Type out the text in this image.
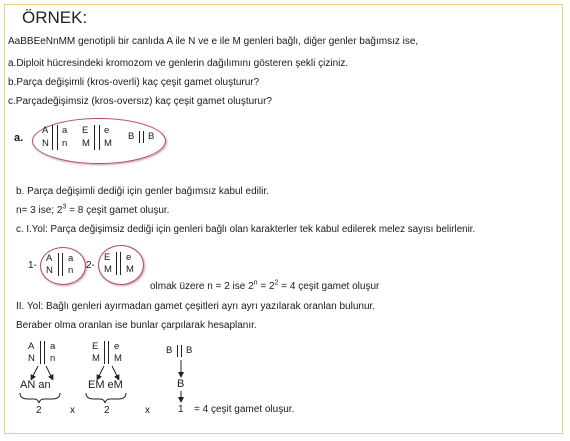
ÖRNEK:
AaBBEeNnMM genotipli bir canlıda A ile N ve e ile M genleri bağlı, diğer genler bağımsız ise,
a.Diploit hücresindeki kromozom ve genlerin dağılımını gösteren şekli çiziniz.
b.Parça değişimli (kros-overli) kaç çeşit gamet oluşturur?
c.Parçadeğişimsiz (kros-oversız) kaç çeşit gamet oluşturur?
a.
A a
N n
E e
M M
B B
b. Parça değişimli dediği için genler bağımsız kabul edilir.
n= 3 ise; $2^3 = 8$ çeşit gamet oluşur.
c. I.Yol: Parça değişimsiz dediği için genleri bağlı olan karakterler tek kabul edilerek melez sayısı belirlenir.
1-
A a
N n 2-
E e
M M
olmak üzere n = 2 ise $2^n = 2^2 = 4$ çeşit gamet oluşur
II. Yol: Bağlı genleri ayırmadan gamet çeşitleri ayrı ayrı yazılarak oranlan bulunur.
Beraber olma oranlan ise bunlar çarpılarak hesaplanır.
A a
N n
E e
M M
B B
AN an	EM eM	B
2	x	2	x	1 = 4 çeşit gamet oluşur.
